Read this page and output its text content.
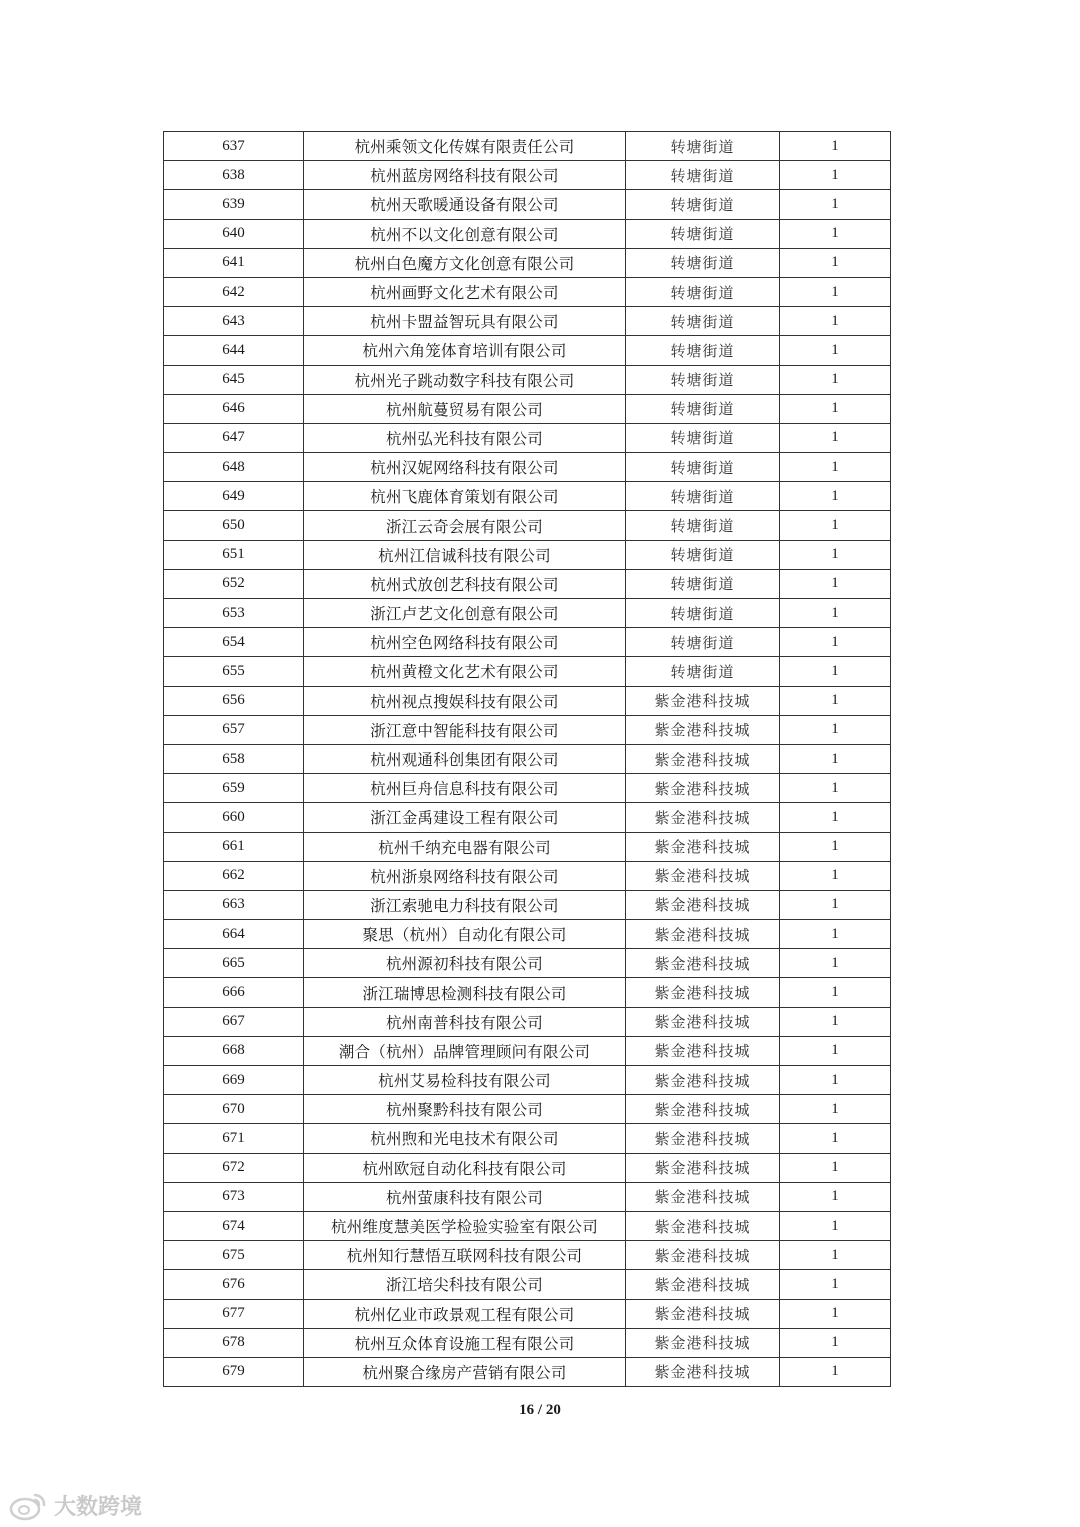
637	杭州乘领文化传媒有限责任公司	转塘街道	1
638	杭州蓝房网络科技有限公司	转塘街道	1
639	杭州天歌暖通设备有限公司	转塘街道	1
640	杭州不以文化创意有限公司	转塘街道	1
641	杭州白色魔方文化创意有限公司	转塘街道	1
642	杭州画野文化艺术有限公司	转塘街道	1
643	杭州卡盟益智玩具有限公司	转塘街道	1
644	杭州六角笼体育培训有限公司	转塘街道	1
645	杭州光子跳动数字科技有限公司	转塘街道	1
646	杭州航蔓贸易有限公司	转塘街道	1
647	杭州弘光科技有限公司	转塘街道	1
648	杭州汉妮网络科技有限公司	转塘街道	1
649	杭州飞鹿体育策划有限公司	转塘街道	1
650	浙江云奇会展有限公司	转塘街道	1
651	杭州江信诚科技有限公司	转塘街道	1
652	杭州式放创艺科技有限公司	转塘街道	1
653	浙江卢艺文化创意有限公司	转塘街道	1
654	杭州空色网络科技有限公司	转塘街道	1
655	杭州黄橙文化艺术有限公司	转塘街道	1
656	杭州视点搜娱科技有限公司	紫金港科技城	1
657	浙江意中智能科技有限公司	紫金港科技城	1
658	杭州观通科创集团有限公司	紫金港科技城	1
659	杭州巨舟信息科技有限公司	紫金港科技城	1
660	浙江金禹建设工程有限公司	紫金港科技城	1
661	杭州千纳充电器有限公司	紫金港科技城	1
662	杭州浙泉网络科技有限公司	紫金港科技城	1
663	浙江索驰电力科技有限公司	紫金港科技城	1
664	聚思（杭州）自动化有限公司	紫金港科技城	1
665	杭州源初科技有限公司	紫金港科技城	1
666	浙江瑞博思检测科技有限公司	紫金港科技城	1
667	杭州南普科技有限公司	紫金港科技城	1
668	潮合（杭州）品牌管理顾问有限公司	紫金港科技城	1
669	杭州艾易检科技有限公司	紫金港科技城	1
670	杭州聚黔科技有限公司	紫金港科技城	1
671	杭州煦和光电技术有限公司	紫金港科技城	1
672	杭州欧冠自动化科技有限公司	紫金港科技城	1
673	杭州萤康科技有限公司	紫金港科技城	1
674	杭州维度慧美医学检验实验室有限公司	紫金港科技城	1
675	杭州知行慧悟互联网科技有限公司	紫金港科技城	1
676	浙江培尖科技有限公司	紫金港科技城	1
677	杭州亿业市政景观工程有限公司	紫金港科技城	1
678	杭州互众体育设施工程有限公司	紫金港科技城	1
679	杭州聚合缘房产营销有限公司	紫金港科技城	1
16 / 20
大数跨境
